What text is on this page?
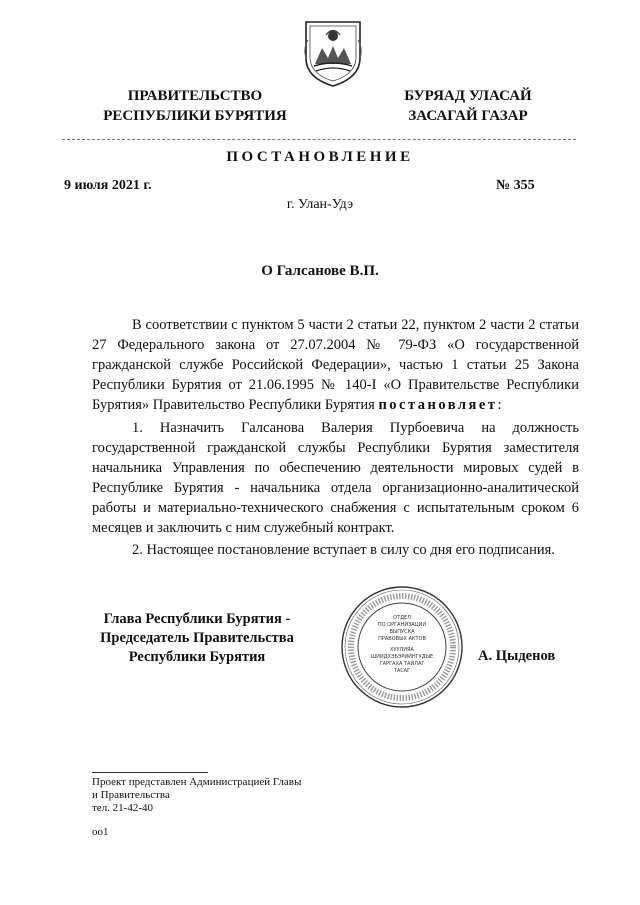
ПРАВИТЕЛЬСТВО
РЕСПУБЛИКИ БУРЯТИЯ
БУРЯАД УЛАСАЙ
ЗАСАГАЙ ГАЗАР
ПОСТАНОВЛЕНИЕ
9 июля 2021 г.	№ 355
г. Улан-Удэ
О Галсанове В.П.
В соответствии с пунктом 5 части 2 статьи 22, пунктом 2 части 2 статьи 27 Федерального закона от 27.07.2004 № 79-ФЗ «О государственной гражданской службе Российской Федерации», частью 1 статьи 25 Закона Республики Бурятия от 21.06.1995 № 140-I «О Правительстве Республики Бурятия» Правительство Республики Бурятия постановляет:
1. Назначить Галсанова Валерия Пурбоевича на должность государственной гражданской службы Республики Бурятия заместителя начальника Управления по обеспечению деятельности мировых судей в Республике Бурятия - начальника отдела организационно-аналитической работы и материально-технического снабжения с испытательным сроком 6 месяцев и заключить с ним служебный контракт.
2. Настоящее постановление вступает в силу со дня его подписания.
Глава Республики Бурятия -
Председатель Правительства
Республики Бурятия
ОТДЕЛ
ПО ОРГАНИЗАЦИИ
ВЫПУСКА
ПРАВОВЫХ АКТОВ
ХУУЛИЯА
ШИИДХЭБЭРИЙНГУДЫЕ
ГАРГАХА ТАЙЛАГ
ТАСАГ
А. Цыденов
Проект представлен Администрацией Главы
и Правительства
тел. 21-42-40
оо1
